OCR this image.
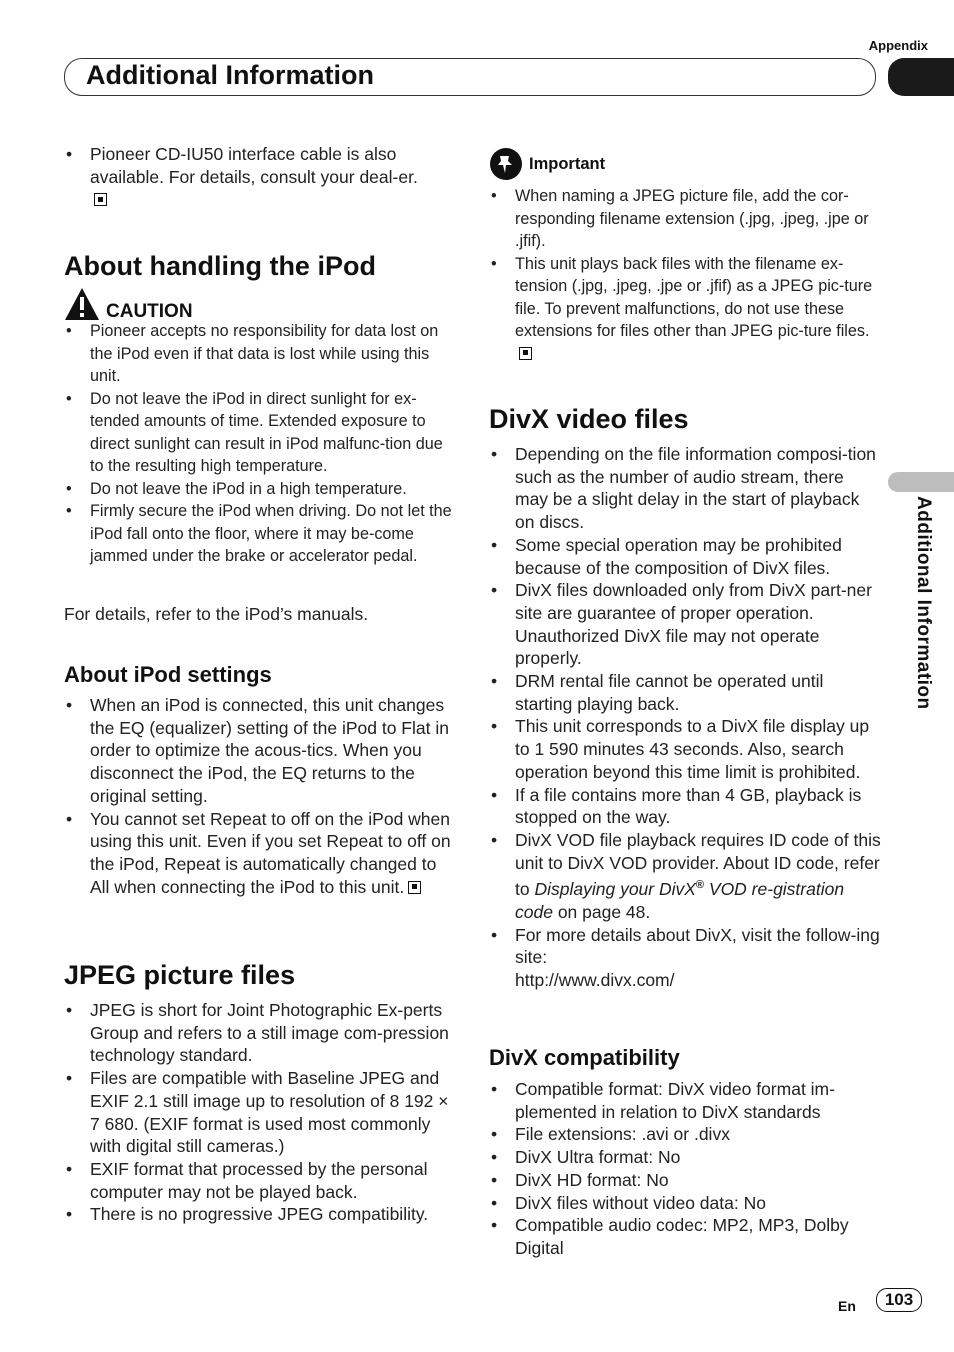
Appendix
Additional Information
Additional Information
• Pioneer CD-IU50 interface cable is also available. For details, consult your deal-er.
About handling the iPod
CAUTION
• Pioneer accepts no responsibility for data lost on the iPod even if that data is lost while using this unit.
• Do not leave the iPod in direct sunlight for ex-tended amounts of time. Extended exposure to direct sunlight can result in iPod malfunc-tion due to the resulting high temperature.
• Do not leave the iPod in a high temperature.
• Firmly secure the iPod when driving. Do not let the iPod fall onto the floor, where it may be-come jammed under the brake or accelerator pedal.

For details, refer to the iPod’s manuals.

About iPod settings
• When an iPod is connected, this unit changes the EQ (equalizer) setting of the iPod to Flat in order to optimize the acous-tics. When you disconnect the iPod, the EQ returns to the original setting.
• You cannot set Repeat to off on the iPod when using this unit. Even if you set Repeat to off on the iPod, Repeat is automatically changed to All when connecting the iPod to this unit.
JPEG picture files
• JPEG is short for Joint Photographic Ex-perts Group and refers to a still image com-pression technology standard.
• Files are compatible with Baseline JPEG and EXIF 2.1 still image up to resolution of 8 192 × 7 680. (EXIF format is used most commonly with digital still cameras.)
• EXIF format that processed by the personal computer may not be played back.
• There is no progressive JPEG compatibility.
Important
• When naming a JPEG picture file, add the cor-responding filename extension (.jpg, .jpeg, .jpe or .jfif).
• This unit plays back files with the filename ex-tension (.jpg, .jpeg, .jpe or .jfif) as a JPEG pic-ture file. To prevent malfunctions, do not use these extensions for files other than JPEG pic-ture files.
DivX video files
• Depending on the file information composi-tion such as the number of audio stream, there may be a slight delay in the start of playback on discs.
• Some special operation may be prohibited because of the composition of DivX files.
• DivX files downloaded only from DivX part-ner site are guarantee of proper operation. Unauthorized DivX file may not operate properly.
• DRM rental file cannot be operated until starting playing back.
• This unit corresponds to a DivX file display up to 1 590 minutes 43 seconds. Also, search operation beyond this time limit is prohibited.
• If a file contains more than 4 GB, playback is stopped on the way.
• DivX VOD file playback requires ID code of this unit to DivX VOD provider. About ID code, refer to Displaying your DivX® VOD re-gistration code on page 48.
• For more details about DivX, visit the follow-ing site:
http://www.divx.com/
DivX compatibility
• Compatible format: DivX video format im-plemented in relation to DivX standards
• File extensions: .avi or .divx
• DivX Ultra format: No
• DivX HD format: No
• DivX files without video data: No
• Compatible audio codec: MP2, MP3, Dolby Digital
En	103
